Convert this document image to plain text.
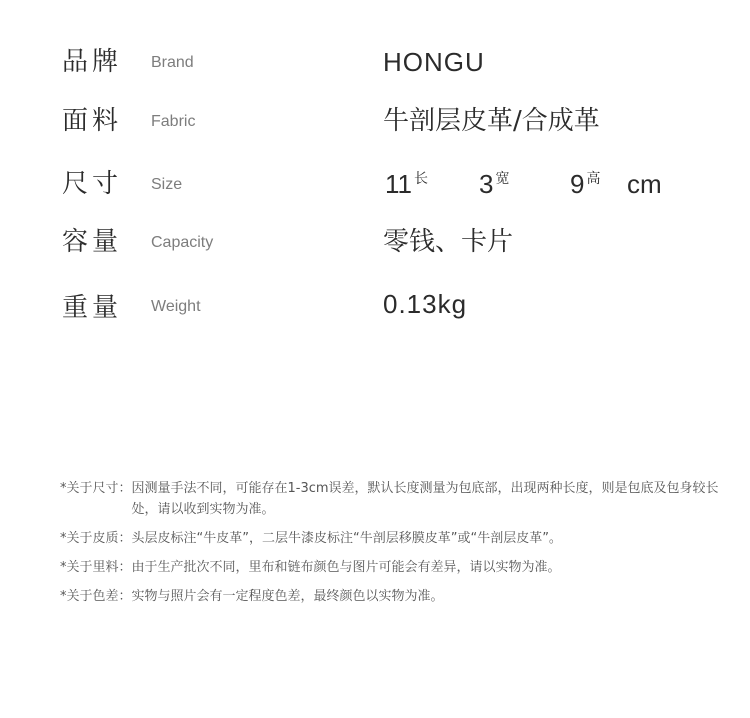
品牌 Brand	HONGU
面料 Fabric	牛剖层皮革/合成革
尺寸 Size	11 $^长$ 3 $^宽$ 9 $^高$ cm
容量 Capacity	零钱、卡片
重量 Weight	0.13kg
*关于尺寸： 因测量手法不同，可能存在1-3cm误差，默认长度测量为包底部，出现两种长度，则是包底及包身较长处，请以收到实物为准。
*关于皮质： 头层皮标注“牛皮革”，二层牛漆皮标注“牛剖层移膜皮革”或“牛剖层皮革”。
*关于里料： 由于生产批次不同，里布和链布颜色与图片可能会有差异，请以实物为准。
*关于色差： 实物与照片会有一定程度色差，最终颜色以实物为准。
